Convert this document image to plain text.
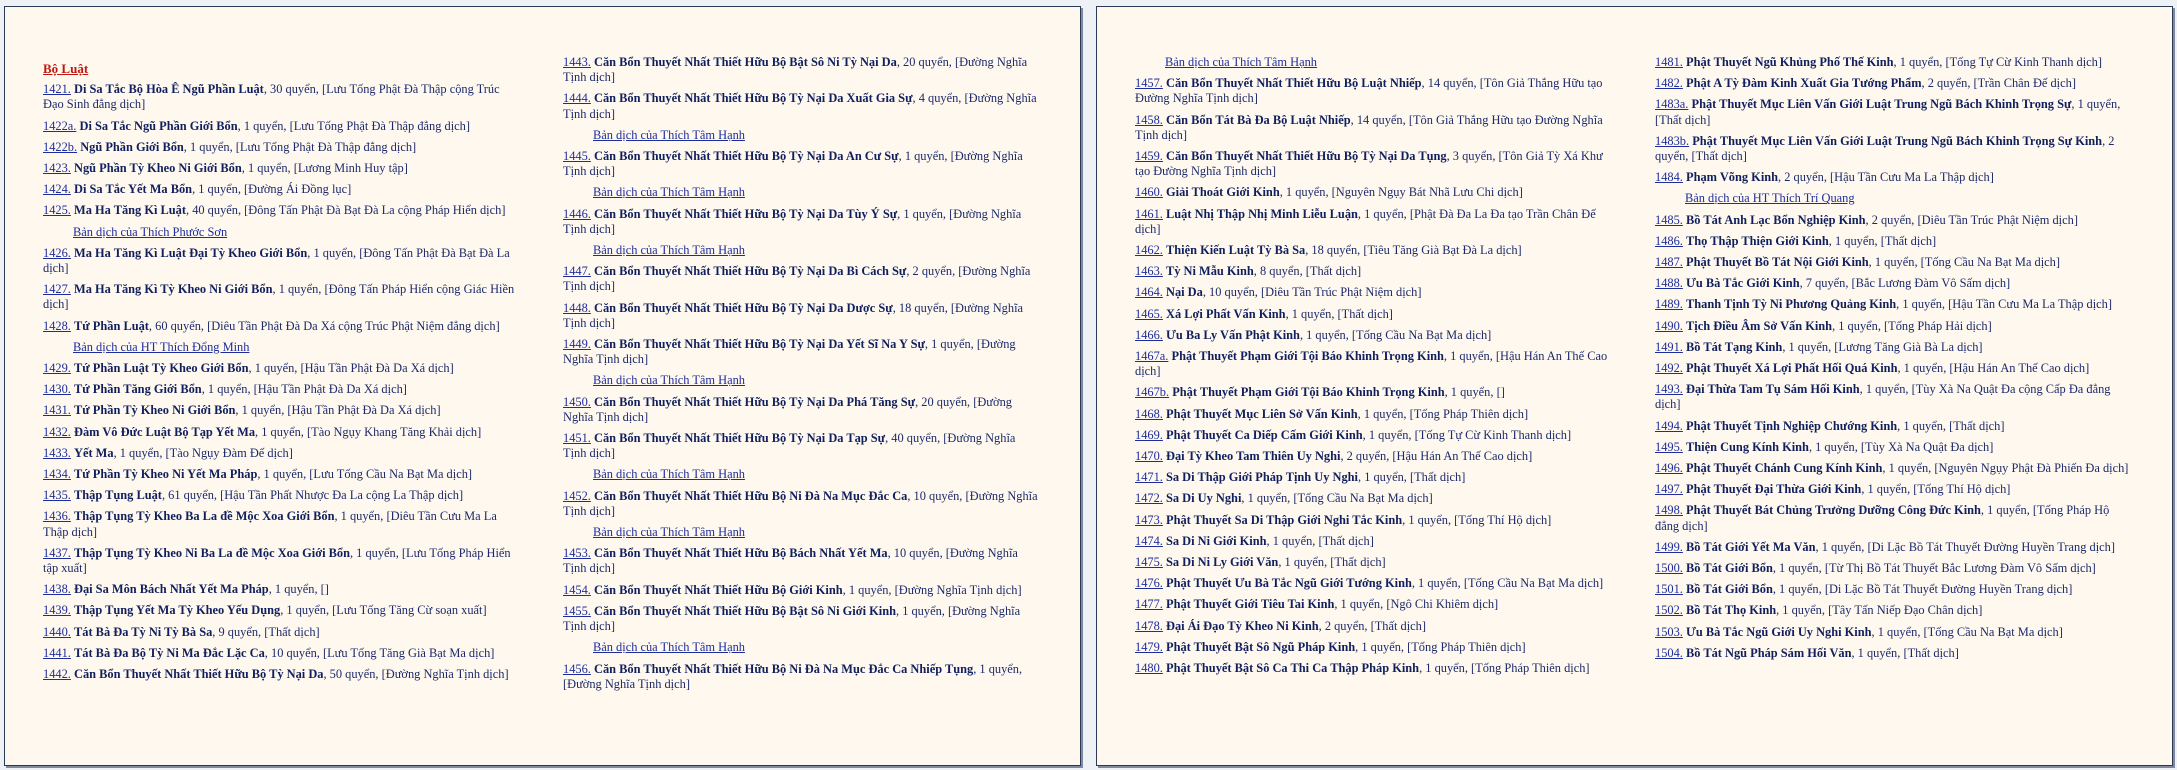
Bộ Luật
1421. Di Sa Tắc Bộ Hòa Ê Ngũ Phần Luật, 30 quyển, [Lưu Tống Phật Đà Thập cộng Trúc Đạo Sinh đẳng dịch]
1422a. Di Sa Tắc Ngũ Phần Giới Bổn, 1 quyển, [Lưu Tống Phật Đà Thập đẳng dịch]
1422b. Ngũ Phần Giới Bổn, 1 quyển, [Lưu Tống Phật Đà Thập đẳng dịch]
1423. Ngũ Phần Tỳ Kheo Ni Giới Bổn, 1 quyển, [Lương Minh Huy tập]
1424. Di Sa Tắc Yết Ma Bổn, 1 quyển, [Đường Ái Đồng lục]
1425. Ma Ha Tăng Kì Luật, 40 quyển, [Đông Tấn Phật Đà Bạt Đà La cộng Pháp Hiển dịch]
Bản dịch của Thích Phước Sơn
1426. Ma Ha Tăng Kì Luật Đại Tỳ Kheo Giới Bổn, 1 quyển, [Đông Tấn Phật Đà Bạt Đà La dịch]
1427. Ma Ha Tăng Kì Tỳ Kheo Ni Giới Bổn, 1 quyển, [Đông Tấn Pháp Hiển cộng Giác Hiền dịch]
1428. Tứ Phần Luật, 60 quyển, [Diêu Tần Phật Đà Da Xá cộng Trúc Phật Niệm đẳng dịch]
Bản dịch của HT Thích Đổng Minh
1429. Tứ Phần Luật Tỳ Kheo Giới Bổn, 1 quyển, [Hậu Tần Phật Đà Da Xá dịch]
1430. Tứ Phần Tăng Giới Bổn, 1 quyển, [Hậu Tần Phật Đà Da Xá dịch]
1431. Tứ Phần Tỳ Kheo Ni Giới Bổn, 1 quyển, [Hậu Tần Phật Đà Da Xá dịch]
1432. Đàm Vô Đức Luật Bộ Tạp Yết Ma, 1 quyển, [Tào Ngụy Khang Tăng Khải dịch]
1433. Yết Ma, 1 quyển, [Tào Ngụy Đàm Đế dịch]
1434. Tứ Phần Tỳ Kheo Ni Yết Ma Pháp, 1 quyển, [Lưu Tống Cầu Na Bạt Ma dịch]
1435. Thập Tụng Luật, 61 quyển, [Hậu Tần Phất Nhược Đa La cộng La Thập dịch]
1436. Thập Tụng Tỳ Kheo Ba La đề Mộc Xoa Giới Bổn, 1 quyển, [Diêu Tần Cưu Ma La Thập dịch]
1437. Thập Tụng Tỳ Kheo Ni Ba La đề Mộc Xoa Giới Bổn, 1 quyển, [Lưu Tống Pháp Hiển tập xuất]
1438. Đại Sa Môn Bách Nhất Yết Ma Pháp, 1 quyển, []
1439. Thập Tụng Yết Ma Tỳ Kheo Yếu Dụng, 1 quyển, [Lưu Tống Tăng Cừ soạn xuất]
1440. Tát Bà Đa Tỳ Ni Tỳ Bà Sa, 9 quyển, [Thất dịch]
1441. Tát Bà Đa Bộ Tỳ Ni Ma Đắc Lặc Ca, 10 quyển, [Lưu Tống Tăng Già Bạt Ma dịch]
1442. Căn Bổn Thuyết Nhất Thiết Hữu Bộ Tỳ Nại Da, 50 quyển, [Đường Nghĩa Tịnh dịch]
1443. Căn Bổn Thuyết Nhất Thiết Hữu Bộ Bật Sô Ni Tỳ Nại Da, 20 quyển, [Đường Nghĩa Tịnh dịch]
1444. Căn Bổn Thuyết Nhất Thiết Hữu Bộ Tỳ Nại Da Xuất Gia Sự, 4 quyển, [Đường Nghĩa Tịnh dịch]
Bản dịch của Thích Tâm Hạnh
1445. Căn Bổn Thuyết Nhất Thiết Hữu Bộ Tỳ Nại Da An Cư Sự, 1 quyển, [Đường Nghĩa Tịnh dịch]
Bản dịch của Thích Tâm Hạnh
1446. Căn Bổn Thuyết Nhất Thiết Hữu Bộ Tỳ Nại Da Tùy Ý Sự, 1 quyển, [Đường Nghĩa Tịnh dịch]
Bản dịch của Thích Tâm Hạnh
1447. Căn Bổn Thuyết Nhất Thiết Hữu Bộ Tỳ Nại Da Bì Cách Sự, 2 quyển, [Đường Nghĩa Tịnh dịch]
1448. Căn Bổn Thuyết Nhất Thiết Hữu Bộ Tỳ Nại Da Dược Sự, 18 quyển, [Đường Nghĩa Tịnh dịch]
1449. Căn Bổn Thuyết Nhất Thiết Hữu Bộ Tỳ Nại Da Yết Sĩ Na Y Sự, 1 quyển, [Đường Nghĩa Tịnh dịch]
Bản dịch của Thích Tâm Hạnh
1450. Căn Bổn Thuyết Nhất Thiết Hữu Bộ Tỳ Nại Da Phá Tăng Sự, 20 quyển, [Đường Nghĩa Tịnh dịch]
1451. Căn Bổn Thuyết Nhất Thiết Hữu Bộ Tỳ Nại Da Tạp Sự, 40 quyển, [Đường Nghĩa Tịnh dịch]
Bản dịch của Thích Tâm Hạnh
1452. Căn Bổn Thuyết Nhất Thiết Hữu Bộ Ni Đà Na Mục Đắc Ca, 10 quyển, [Đường Nghĩa Tịnh dịch]
Bản dịch của Thích Tâm Hạnh
1453. Căn Bổn Thuyết Nhất Thiết Hữu Bộ Bách Nhất Yết Ma, 10 quyển, [Đường Nghĩa Tịnh dịch]
1454. Căn Bổn Thuyết Nhất Thiết Hữu Bộ Giới Kinh, 1 quyển, [Đường Nghĩa Tịnh dịch]
1455. Căn Bổn Thuyết Nhất Thiết Hữu Bộ Bật Sô Ni Giới Kinh, 1 quyển, [Đường Nghĩa Tịnh dịch]
Bản dịch của Thích Tâm Hạnh
1456. Căn Bổn Thuyết Nhất Thiết Hữu Bộ Ni Đà Na Mục Đắc Ca Nhiếp Tụng, 1 quyển, [Đường Nghĩa Tịnh dịch]
Bản dịch của Thích Tâm Hạnh
1457. Căn Bổn Thuyết Nhất Thiết Hữu Bộ Luật Nhiếp, 14 quyển, [Tôn Giả Thắng Hữu tạo Đường Nghĩa Tịnh dịch]
1458. Căn Bổn Tát Bà Đa Bộ Luật Nhiếp, 14 quyển, [Tôn Giả Thắng Hữu tạo Đường Nghĩa Tịnh dịch]
1459. Căn Bổn Thuyết Nhất Thiết Hữu Bộ Tỳ Nại Da Tụng, 3 quyển, [Tôn Giả Tỳ Xá Khư tạo Đường Nghĩa Tịnh dịch]
1460. Giải Thoát Giới Kinh, 1 quyển, [Nguyên Ngụy Bát Nhã Lưu Chi dịch]
1461. Luật Nhị Thập Nhị Minh Liễu Luận, 1 quyển, [Phật Đà Đa La Đa tạo Trần Chân Đế dịch]
1462. Thiện Kiến Luật Tỳ Bà Sa, 18 quyển, [Tiêu Tăng Già Bạt Đà La dịch]
1463. Tỳ Ni Mẫu Kinh, 8 quyển, [Thất dịch]
1464. Nại Da, 10 quyển, [Diêu Tần Trúc Phật Niệm dịch]
1465. Xá Lợi Phất Vấn Kinh, 1 quyển, [Thất dịch]
1466. Ưu Ba Ly Vấn Phật Kinh, 1 quyển, [Tống Cầu Na Bạt Ma dịch]
1467a. Phật Thuyết Phạm Giới Tội Báo Khinh Trọng Kinh, 1 quyển, [Hậu Hán An Thế Cao dịch]
1467b. Phật Thuyết Phạm Giới Tội Báo Khinh Trọng Kinh, 1 quyển, []
1468. Phật Thuyết Mục Liên Sở Vấn Kinh, 1 quyển, [Tống Pháp Thiên dịch]
1469. Phật Thuyết Ca Diếp Cấm Giới Kinh, 1 quyển, [Tống Tự Cừ Kinh Thanh dịch]
1470. Đại Tỳ Kheo Tam Thiên Uy Nghi, 2 quyển, [Hậu Hán An Thế Cao dịch]
1471. Sa Di Thập Giới Pháp Tịnh Uy Nghi, 1 quyển, [Thất dịch]
1472. Sa Di Uy Nghi, 1 quyển, [Tống Cầu Na Bạt Ma dịch]
1473. Phật Thuyết Sa Di Thập Giới Nghi Tắc Kinh, 1 quyển, [Tống Thí Hộ dịch]
1474. Sa Di Ni Giới Kinh, 1 quyển, [Thất dịch]
1475. Sa Di Ni Ly Giới Văn, 1 quyển, [Thất dịch]
1476. Phật Thuyết Ưu Bà Tắc Ngũ Giới Tướng Kinh, 1 quyển, [Tống Cầu Na Bạt Ma dịch]
1477. Phật Thuyết Giới Tiêu Tai Kinh, 1 quyển, [Ngô Chi Khiêm dịch]
1478. Đại Ái Đạo Tỳ Kheo Ni Kinh, 2 quyển, [Thất dịch]
1479. Phật Thuyết Bật Sô Ngũ Pháp Kinh, 1 quyển, [Tống Pháp Thiên dịch]
1480. Phật Thuyết Bật Sô Ca Thi Ca Thập Pháp Kinh, 1 quyển, [Tống Pháp Thiên dịch]
1481. Phật Thuyết Ngũ Khủng Phố Thế Kinh, 1 quyển, [Tống Tự Cừ Kinh Thanh dịch]
1482. Phật A Tỳ Đàm Kinh Xuất Gia Tướng Phẩm, 2 quyển, [Trần Chân Đế dịch]
1483a. Phật Thuyết Mục Liên Vấn Giới Luật Trung Ngũ Bách Khinh Trọng Sự, 1 quyển, [Thất dịch]
1483b. Phật Thuyết Mục Liên Vấn Giới Luật Trung Ngũ Bách Khinh Trọng Sự Kinh, 2 quyển, [Thất dịch]
1484. Phạm Võng Kinh, 2 quyển, [Hậu Tần Cưu Ma La Thập dịch]
Bản dịch của HT Thích Trí Quang
1485. Bồ Tát Anh Lạc Bổn Nghiệp Kinh, 2 quyển, [Diêu Tần Trúc Phật Niệm dịch]
1486. Thọ Thập Thiện Giới Kinh, 1 quyển, [Thất dịch]
1487. Phật Thuyết Bồ Tát Nội Giới Kinh, 1 quyển, [Tống Cầu Na Bạt Ma dịch]
1488. Ưu Bà Tắc Giới Kinh, 7 quyển, [Bắc Lương Đàm Vô Sấm dịch]
1489. Thanh Tịnh Tỳ Ni Phương Quảng Kinh, 1 quyển, [Hậu Tần Cưu Ma La Thập dịch]
1490. Tịch Điều Âm Sở Vấn Kinh, 1 quyển, [Tống Pháp Hải dịch]
1491. Bồ Tát Tạng Kinh, 1 quyển, [Lương Tăng Già Bà La dịch]
1492. Phật Thuyết Xá Lợi Phất Hối Quá Kinh, 1 quyển, [Hậu Hán An Thế Cao dịch]
1493. Đại Thừa Tam Tụ Sám Hối Kinh, 1 quyển, [Tùy Xà Na Quật Đa cộng Cấp Đa đẳng dịch]
1494. Phật Thuyết Tịnh Nghiệp Chướng Kinh, 1 quyển, [Thất dịch]
1495. Thiện Cung Kính Kinh, 1 quyển, [Tùy Xà Na Quật Đa dịch]
1496. Phật Thuyết Chánh Cung Kính Kinh, 1 quyển, [Nguyên Ngụy Phật Đà Phiến Đa dịch]
1497. Phật Thuyết Đại Thừa Giới Kinh, 1 quyển, [Tống Thí Hộ dịch]
1498. Phật Thuyết Bát Chủng Trưởng Dưỡng Công Đức Kinh, 1 quyển, [Tống Pháp Hộ đẳng dịch]
1499. Bồ Tát Giới Yết Ma Văn, 1 quyển, [Di Lặc Bồ Tát Thuyết Đường Huyền Trang dịch]
1500. Bồ Tát Giới Bổn, 1 quyển, [Từ Thị Bồ Tát Thuyết Bắc Lương Đàm Vô Sấm dịch]
1501. Bồ Tát Giới Bổn, 1 quyển, [Di Lặc Bồ Tát Thuyết Đường Huyền Trang dịch]
1502. Bồ Tát Thọ Kinh, 1 quyển, [Tây Tấn Niếp Đạo Chân dịch]
1503. Ưu Bà Tắc Ngũ Giới Uy Nghi Kinh, 1 quyển, [Tống Cầu Na Bạt Ma dịch]
1504. Bồ Tát Ngũ Pháp Sám Hối Văn, 1 quyển, [Thất dịch]
